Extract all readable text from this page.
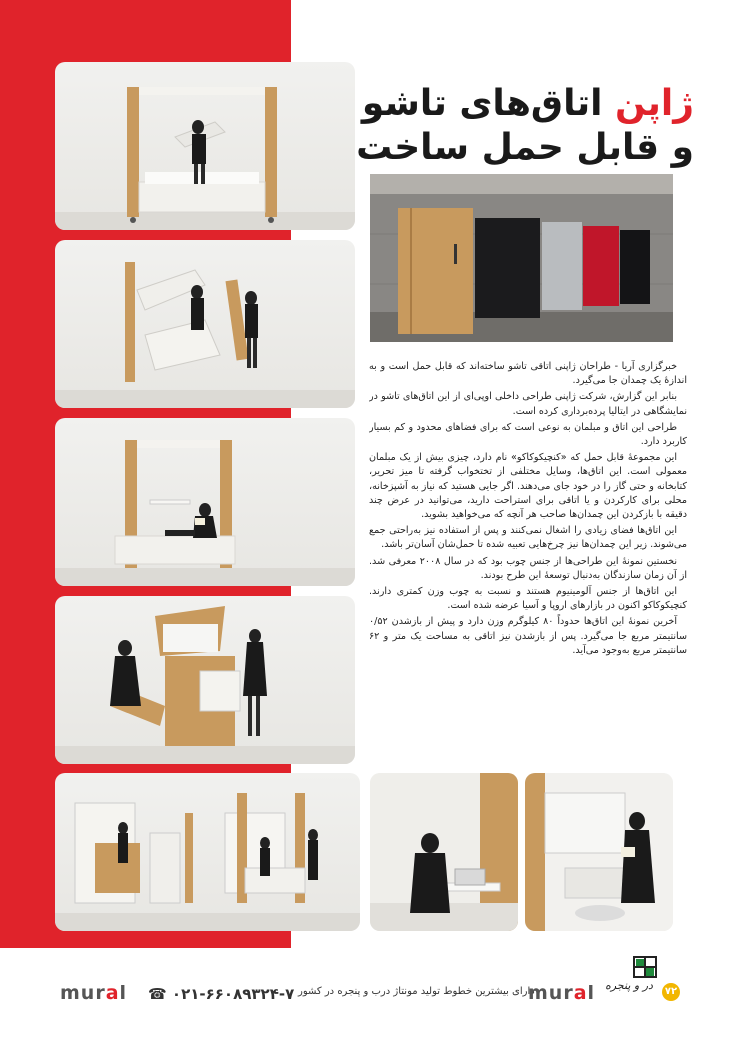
ژاپن اتاق‌های تاشو
و قابل حمل ساخت

خبرگزاری آریا - طراحان ژاپنی اتاقی تاشو ساخته‌اند که قابل حمل است و به اندازۀ یک چمدان جا می‌گیرد.

بنابر این گزارش، شرکت ژاپنی طراحی داخلی اوپی‌ای از این اتاق‌های تاشو در نمایشگاهی در ایتالیا پرده‌برداری کرده است.

طراحی این اتاق و مبلمان به نوعی است که برای فضاهای محدود و کم بسیار کاربرد دارد.

این مجموعۀ قابل حمل که «کنچیکوکاکو» نام دارد، چیزی بیش از یک مبلمان معمولی است. این اتاق‌ها، وسایل مختلفی از تختخواب گرفته تا میز تحریر، کتابخانه و حتی گاز را در خود جای می‌دهند. اگر جایی هستید که نیاز به آشپزخانه، محلی برای کارکردن و یا اتاقی برای استراحت دارید، می‌توانید در عرض چند دقیقه با بازکردن این چمدان‌ها صاحب هر آنچه که می‌خواهید بشوید.

این اتاق‌ها فضای زیادی را اشغال نمی‌کنند و پس از استفاده نیز به‌راحتی جمع می‌شوند. زیر این چمدان‌ها نیز چرخ‌هایی تعبیه شده تا حمل‌شان آسان‌تر باشد.

نخستین نمونۀ این طراحی‌ها از جنس چوب بود که در سال ۲۰۰۸ معرفی شد. از آن زمان سازندگان به‌دنبال توسعۀ این طرح بودند.

این اتاق‌ها از جنس آلومینیوم هستند و نسبت به چوب وزن کمتری دارند. کنچیکوکاکو اکنون در بازارهای اروپا و آسیا عرضه شده است.

آخرین نمونۀ این اتاق‌ها حدوداً ۸۰ کیلوگرم وزن دارد و پیش از بازشدن ۰/۵۲ سانتیمتر مربع جا می‌گیرد. پس از بازشدن نیز اتاقی به مساحت یک متر و ۶۲ سانتیمتر مربع به‌وجود می‌آید.

mural ☎ ۰۲۱-۶۶۰۸۹۳۲۴-۷ دارای بیشترین خطوط تولید مونتاژ درب و پنجره در کشور
mural در و پنجره	۷۲
